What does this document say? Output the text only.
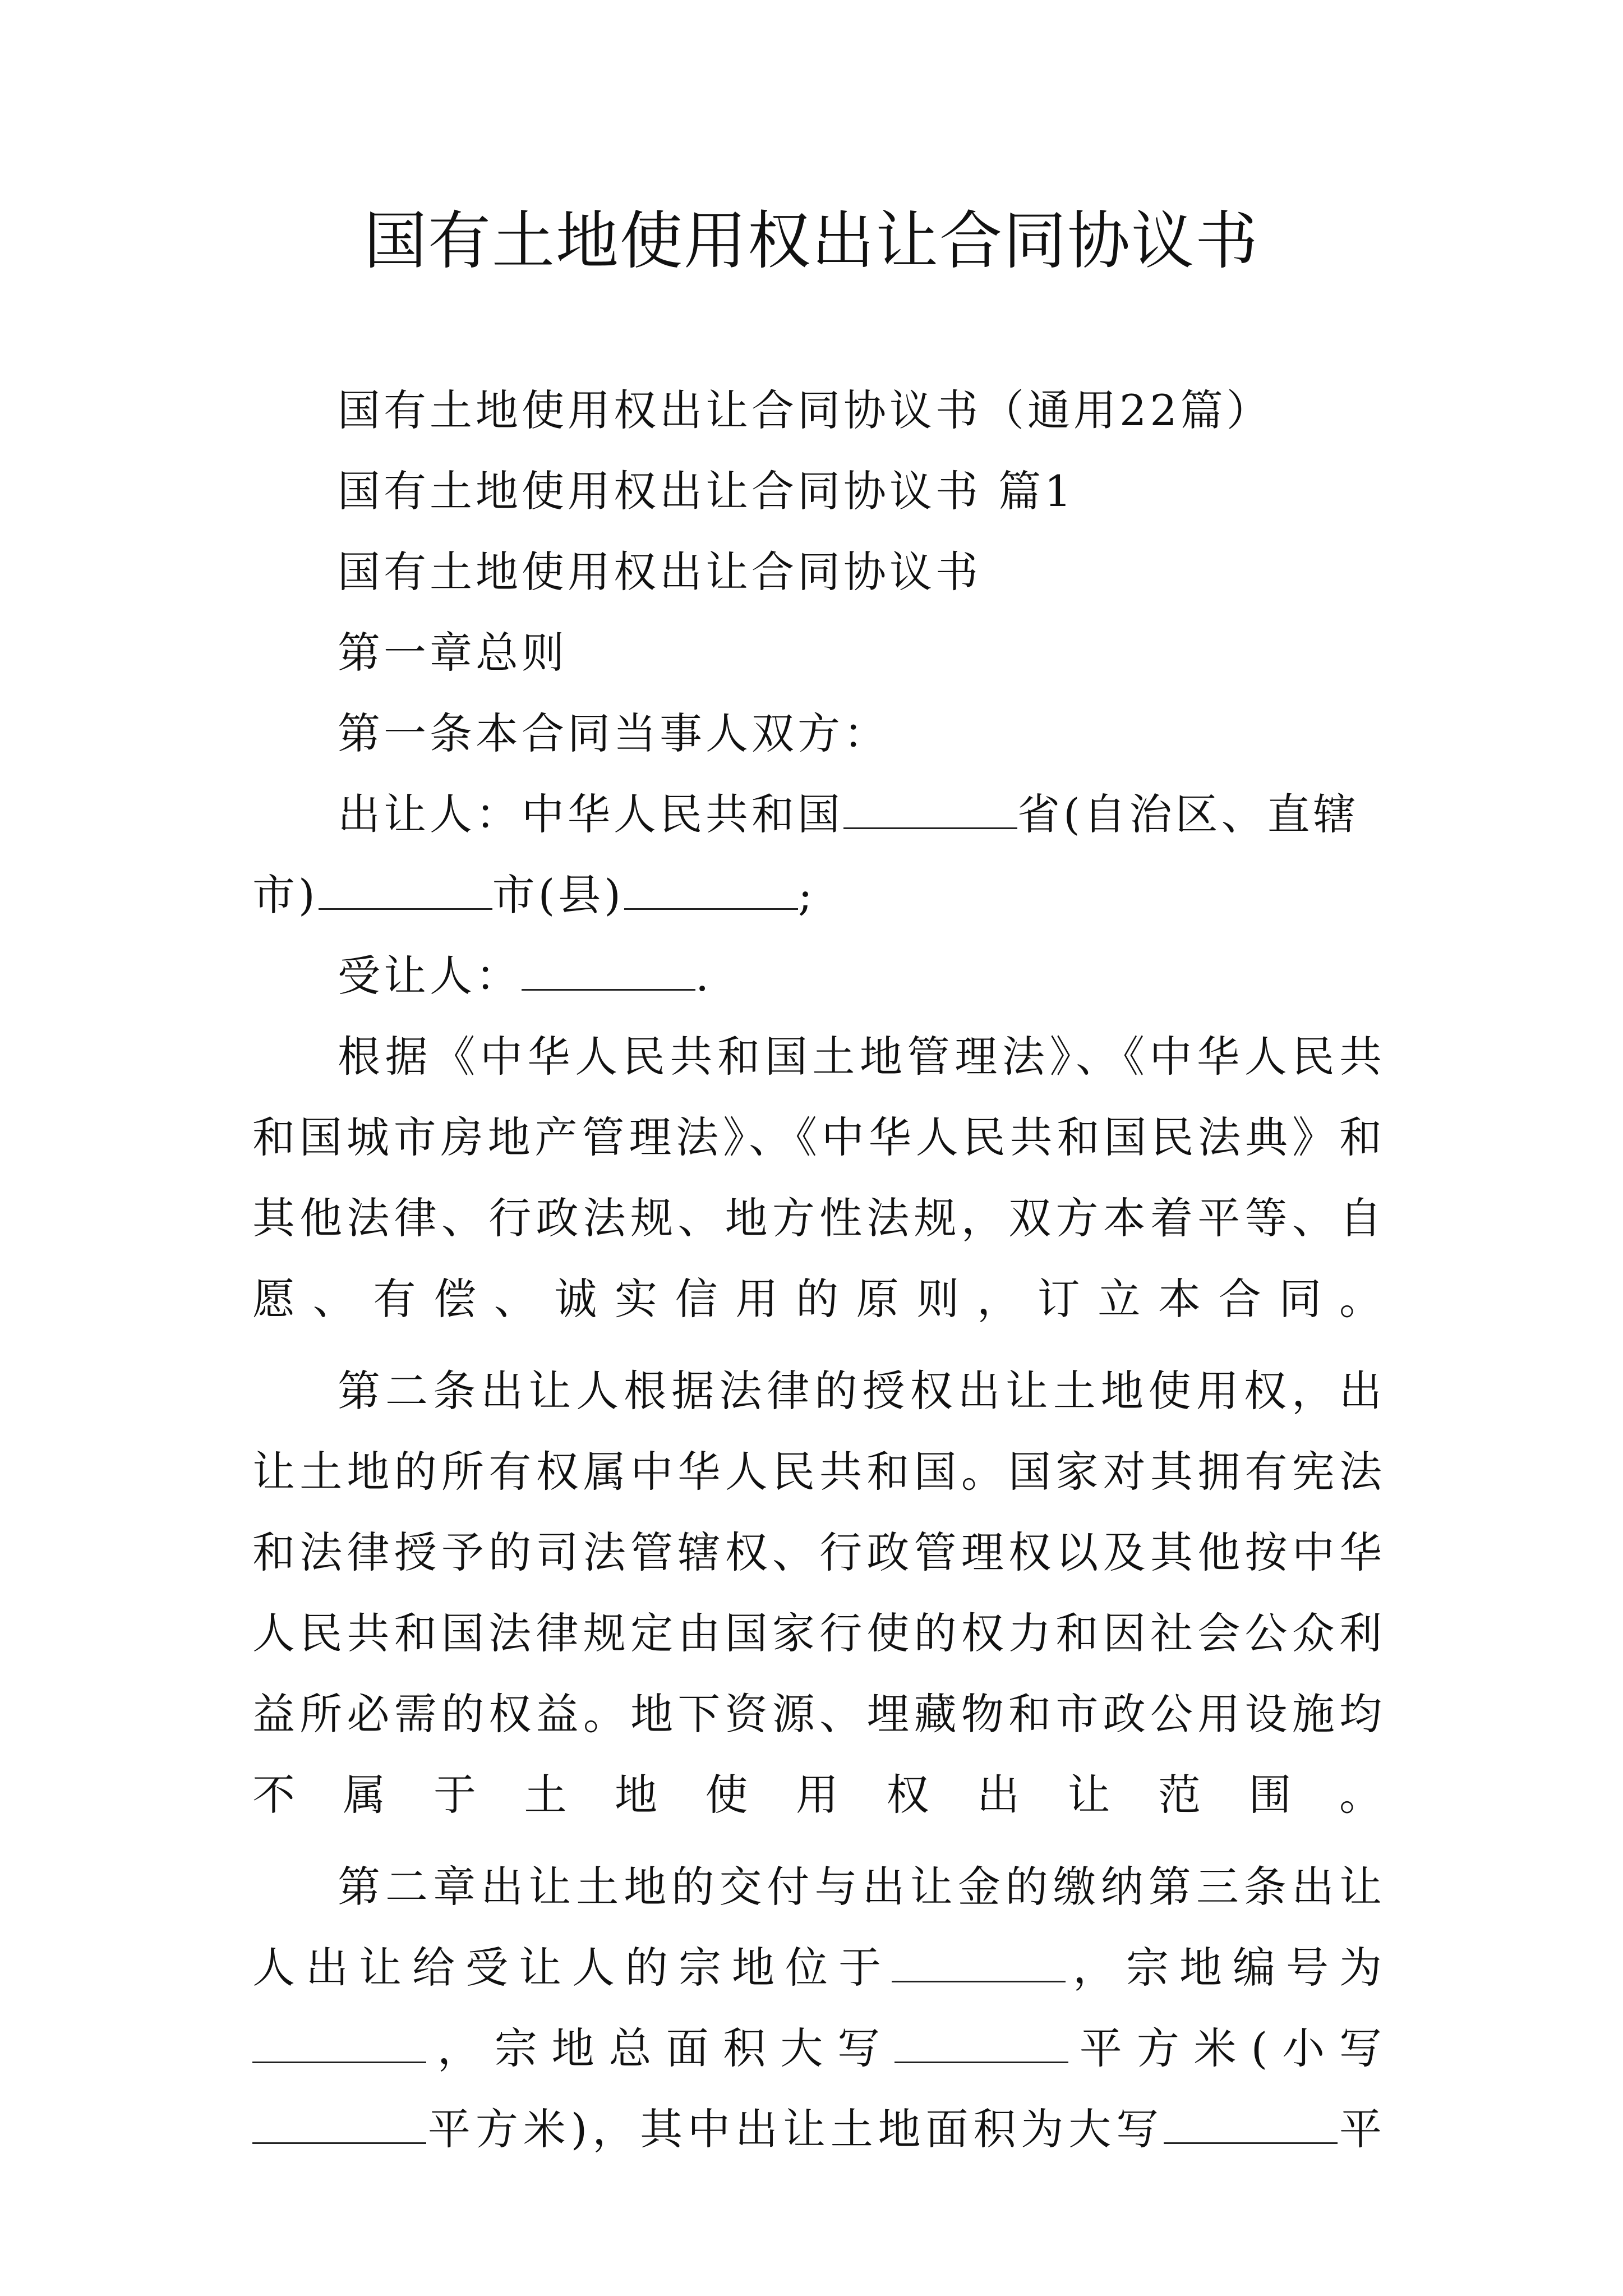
国有土地使用权出让合同协议书

国有土地使用权出让合同协议书（通用22篇）

国有土地使用权出让合同协议书 篇1

国有土地使用权出让合同协议书

第一章总则

第一条本合同当事人双方：

出让人：中华人民共和国	省(自治区、直辖市)	市(县)	;

受让人：	.

根据《中华人民共和国土地管理法》、《中华人民共和国城市房地产管理法》、《中华人民共和国民法典》和其他法律、行政法规、地方性法规，双方本着平等、自愿、有偿、诚实信用的原则，订立本合同。

第二条出让人根据法律的授权出让土地使用权，出让土地的所有权属中华人民共和国。国家对其拥有宪法和法律授予的司法管辖权、行政管理权以及其他按中华人民共和国法律规定由国家行使的权力和因社会公众利益所必需的权益。地下资源、埋藏物和市政公用设施均不属于土地使用权出让范围。

第二章出让土地的交付与出让金的缴纳第三条出让人出让给受让人的宗地位于	，宗地编号为，宗地总面积大写	平方米(小写平方米)，其中出让土地面积为大写	平
